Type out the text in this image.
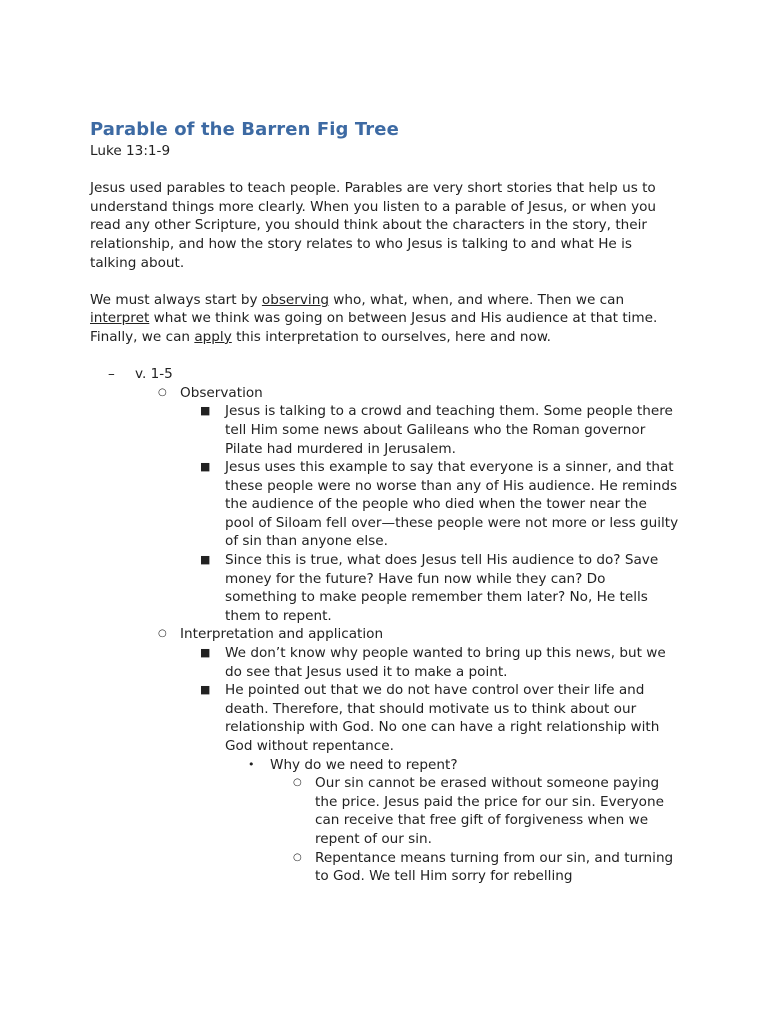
Parable of the Barren Fig Tree

Luke 13:1-9

Jesus used parables to teach people. Parables are very short stories that help us to understand things more clearly. When you listen to a parable of Jesus, or when you read any other Scripture, you should think about the characters in the story, their relationship, and how the story relates to who Jesus is talking to and what He is talking about.

We must always start by observing who, what, when, and where. Then we can interpret what we think was going on between Jesus and His audience at that time. Finally, we can apply this interpretation to ourselves, here and now.

– v. 1-5
○ Observation
■ Jesus is talking to a crowd and teaching them. Some people there tell Him some news about Galileans who the Roman governor Pilate had murdered in Jerusalem.
■ Jesus uses this example to say that everyone is a sinner, and that these people were no worse than any of His audience. He reminds the audience of the people who died when the tower near the pool of Siloam fell over—these people were not more or less guilty of sin than anyone else.
■ Since this is true, what does Jesus tell His audience to do? Save money for the future? Have fun now while they can? Do something to make people remember them later? No, He tells them to repent.
○ Interpretation and application
■ We don’t know why people wanted to bring up this news, but we do see that Jesus used it to make a point.
■ He pointed out that we do not have control over their life and death. Therefore, that should motivate us to think about our relationship with God. No one can have a right relationship with God without repentance.
• Why do we need to repent?
○ Our sin cannot be erased without someone paying the price. Jesus paid the price for our sin. Everyone can receive that free gift of forgiveness when we repent of our sin.
○ Repentance means turning from our sin, and turning to God. We tell Him sorry for rebelling
